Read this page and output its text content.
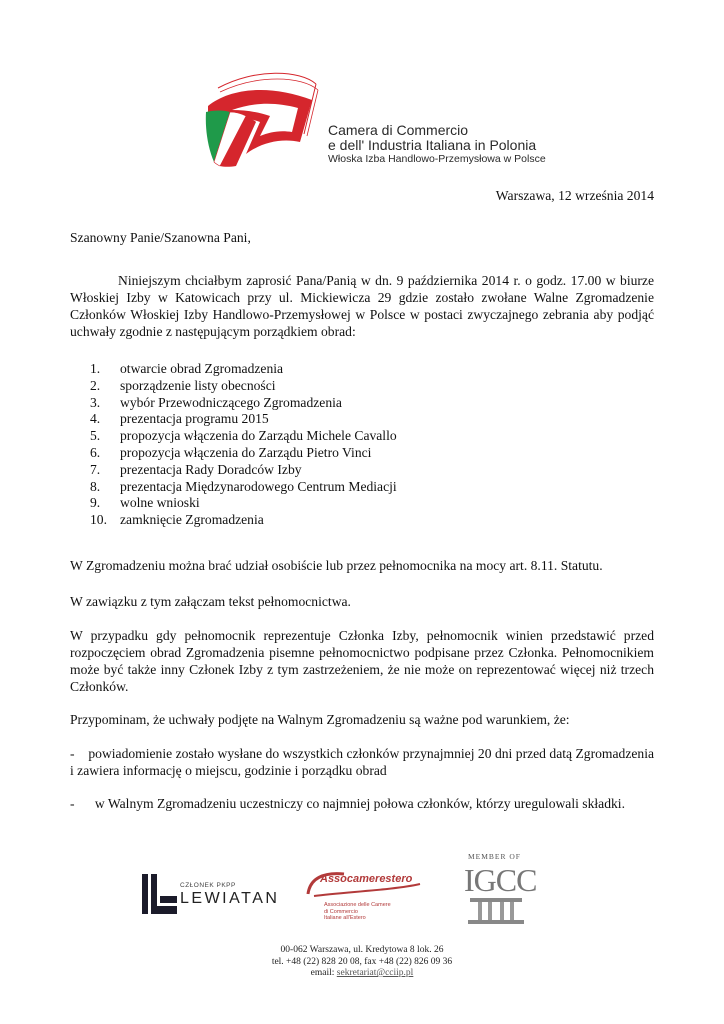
Camera di Commercio
e dell' Industria Italiana in Polonia
Włoska Izba Handlowo-Przemysłowa w Polsce
Warszawa, 12 września 2014
Szanowny Panie/Szanowna Pani,
Niniejszym chciałbym zaprosić Pana/Panią w dn. 9 października 2014 r. o godz. 17.00 w biurze Włoskiej Izby w Katowicach przy ul. Mickiewicza 29 gdzie zostało zwołane Walne Zgromadzenie Członków Włoskiej Izby Handlowo-Przemysłowej w Polsce w postaci zwyczajnego zebrania aby podjąć uchwały zgodnie z następującym porządkiem obrad:
1.	otwarcie obrad Zgromadzenia
2.	sporządzenie listy obecności
3.	wybór Przewodniczącego Zgromadzenia
4.	prezentacja programu 2015
5.	propozycja włączenia do Zarządu Michele Cavallo
6.	propozycja włączenia do Zarządu Pietro Vinci
7.	prezentacja Rady Doradców Izby
8.	prezentacja Międzynarodowego Centrum Mediacji
9.	wolne wnioski
10. zamknięcie Zgromadzenia
W Zgromadzeniu można brać udział osobiście lub przez pełnomocnika na mocy art. 8.11. Statutu.
W zawiązku z tym załączam tekst pełnomocnictwa.
W przypadku gdy pełnomocnik reprezentuje Członka Izby, pełnomocnik winien przedstawić przed rozpoczęciem obrad Zgromadzenia pisemne pełnomocnictwo podpisane przez Członka. Pełnomocnikiem może być także inny Członek Izby z tym zastrzeżeniem, że nie może on reprezentować więcej niż trzech Członków.
Przypominam, że uchwały podjęte na Walnym Zgromadzeniu są ważne pod warunkiem, że:
- powiadomienie zostało wysłane do wszystkich członków przynajmniej 20 dni przed datą Zgromadzenia i zawiera informację o miejscu, godzinie i porządku obrad
- w Walnym Zgromadzeniu uczestniczy co najmniej połowa członków, którzy uregulowali składki.
CZŁONEK PKPP
LEWIATAN
Assocamerestero
Associazione delle Camere
di Commercio
Italiane all'Estero
MEMBER OF
IGCC
00-062 Warszawa, ul. Kredytowa 8 lok. 26
tel. +48 (22) 828 20 08, fax +48 (22) 826 09 36
email: sekretariat@cciip.pl
